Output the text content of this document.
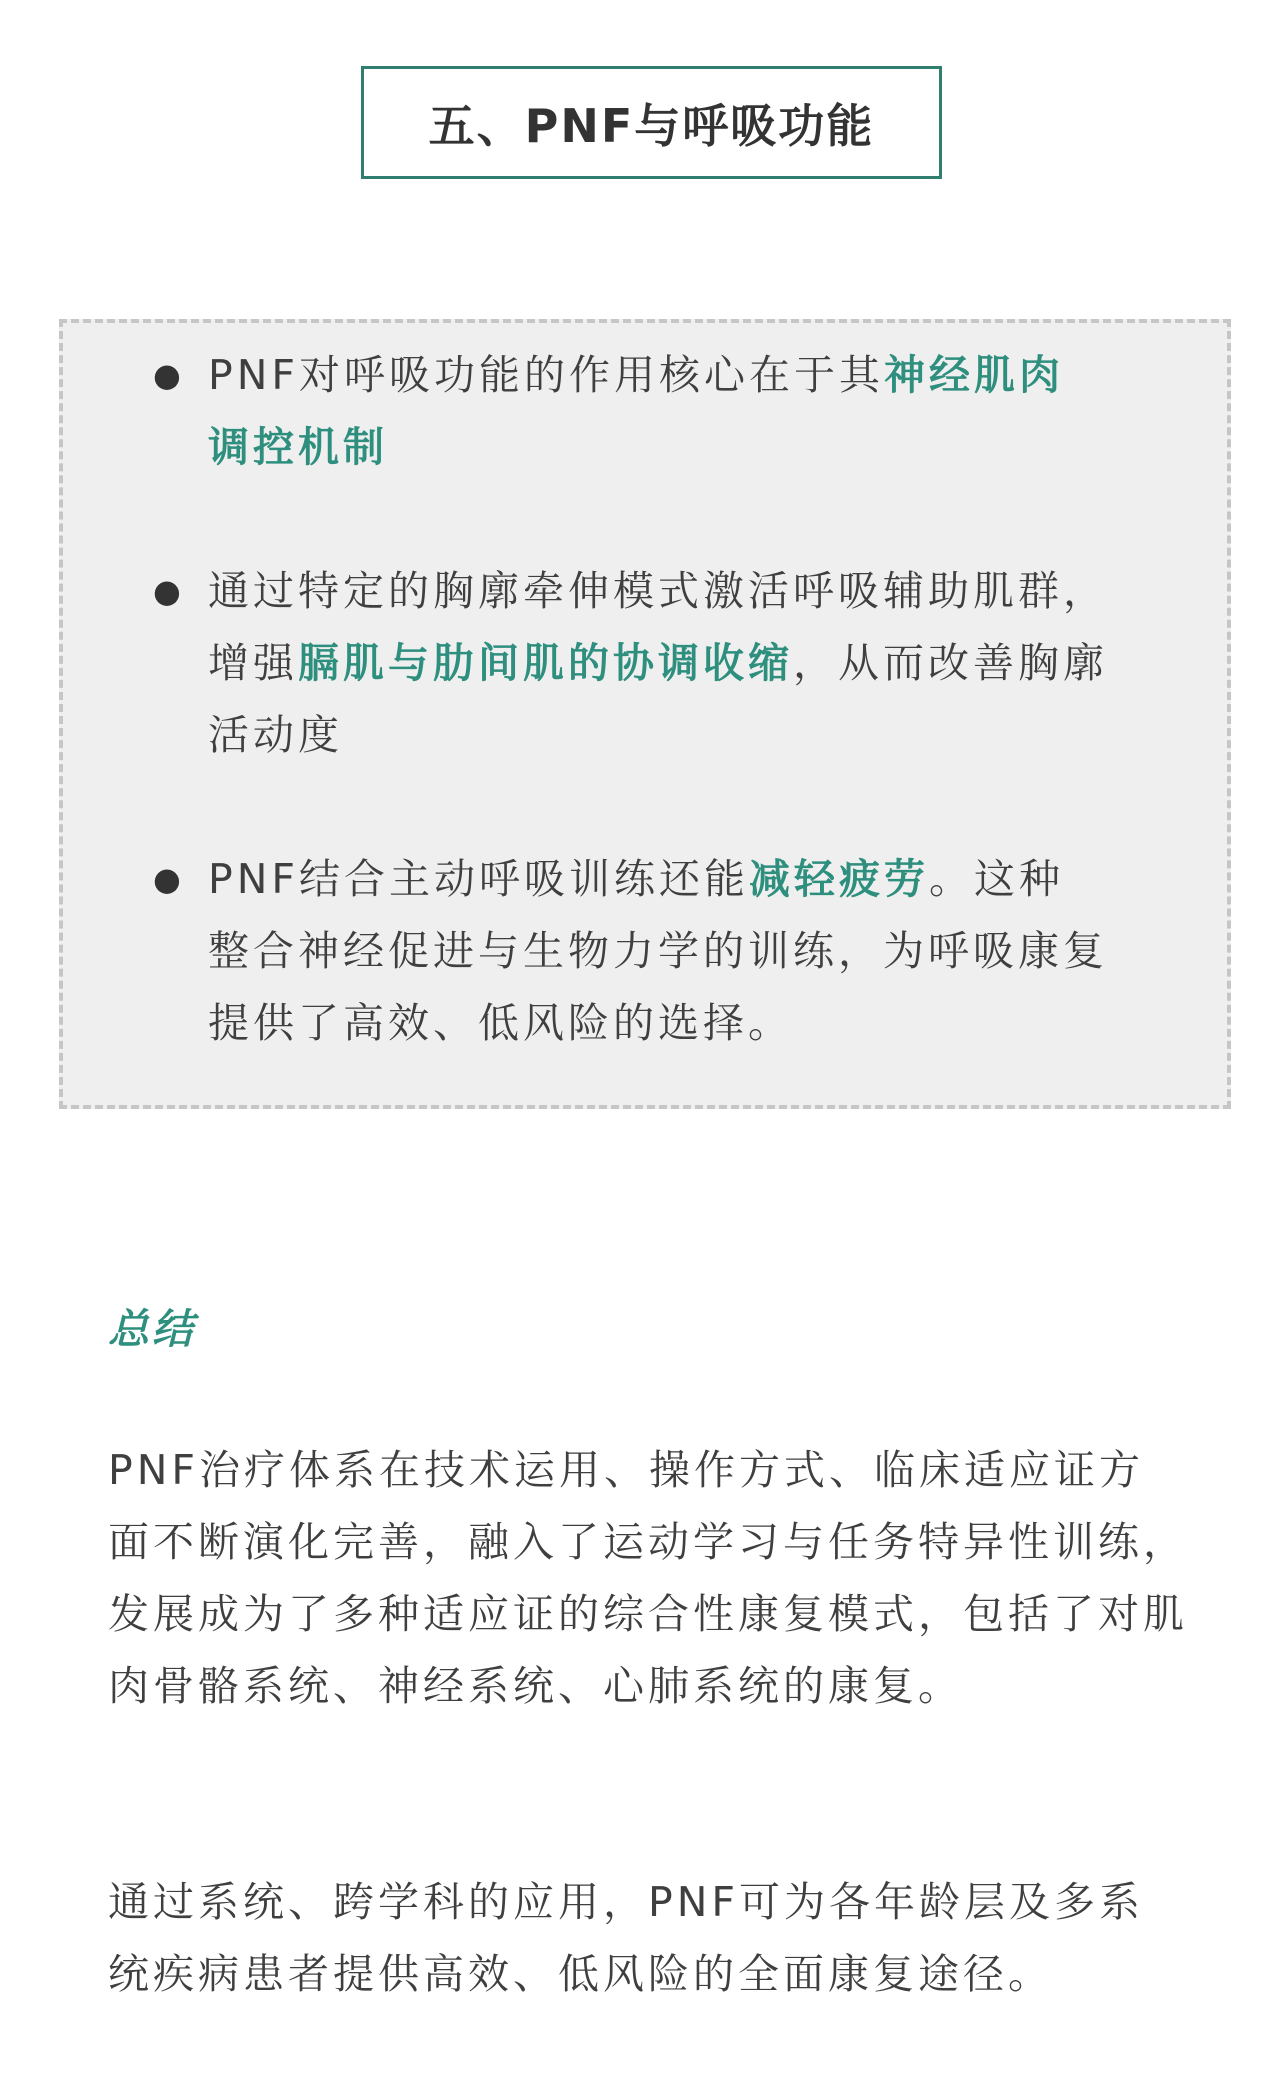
五、PNF与呼吸功能
● PNF对呼吸功能的作用核心在于其神经肌肉调控机制
● 通过特定的胸廓牵伸模式激活呼吸辅助肌群，增强膈肌与肋间肌的协调收缩，从而改善胸廓活动度
● PNF结合主动呼吸训练还能减轻疲劳。这种整合神经促进与生物力学的训练，为呼吸康复提供了高效、低风险的选择。
总结
PNF治疗体系在技术运用、操作方式、临床适应证方面不断演化完善，融入了运动学习与任务特异性训练，发展成为了多种适应证的综合性康复模式，包括了对肌肉骨骼系统、神经系统、心肺系统的康复。
通过系统、跨学科的应用，PNF可为各年龄层及多系统疾病患者提供高效、低风险的全面康复途径。
